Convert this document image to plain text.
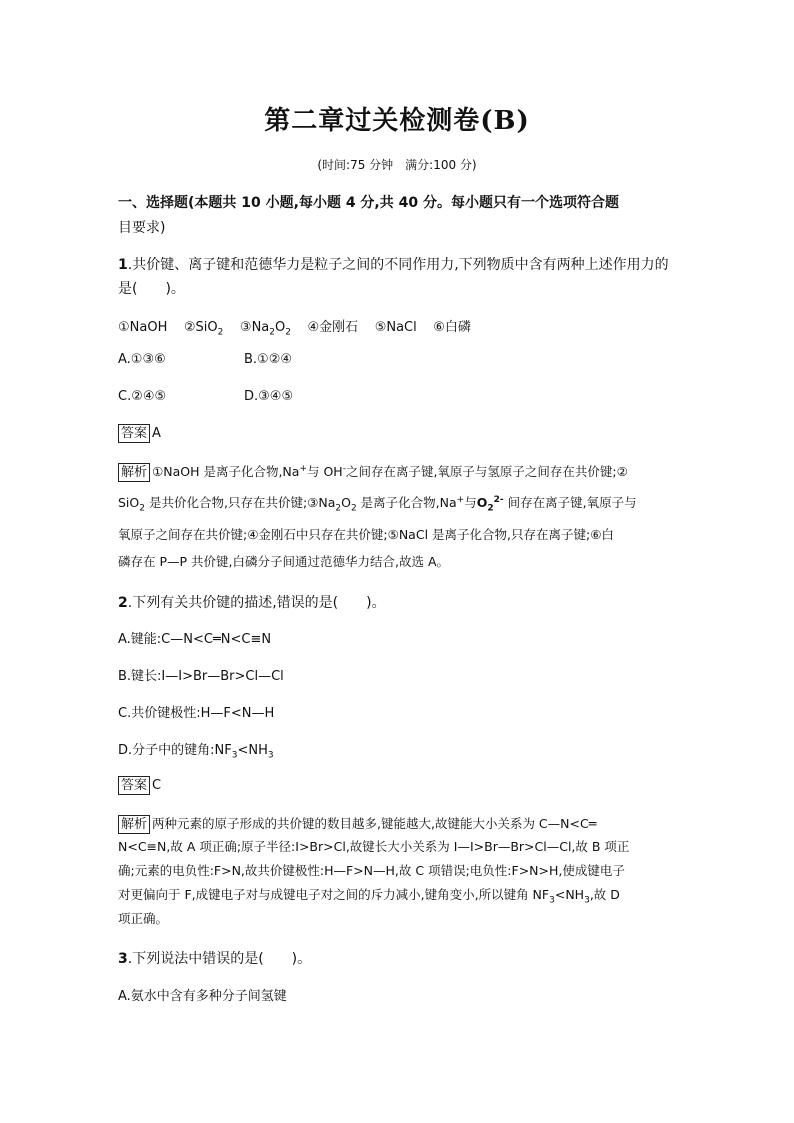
第二章过关检测卷(B)
(时间:75 分钟　满分:100 分)
一、选择题(本题共 10 小题,每小题 4 分,共 40 分。每小题只有一个选项符合题
目要求)
1.共价键、离子键和范德华力是粒子之间的不同作用力,下列物质中含有两种上述作用力的
是(　　)。
①NaOH ②SiO$_2$ $③Na_2O_2$ ④金刚石 ⑤NaCl ⑥白磷
A.①③⑥	B.①②④
C.②④⑤	D.③④⑤
答案 A
解析 ①NaOH 是离子化合物,Na+与 OH-之间存在离子键,氧原子与氢原子之间存在共价键;②
SiO$_2$ 是共价化合物,只存在共价键$;③Na_2O_2$ 是离子化合物,Na+与$O_2^{2-}$ 间存在离子键,氧原子与
氧原子之间存在共价键;④金刚石中只存在共价键;⑤NaCl 是离子化合物,只存在离子键;⑥白
磷存在 P—P 共价键,白磷分子间通过范德华力结合,故选 A。
2.下列有关共价键的描述,错误的是(　　)。
A.键能:C—N<C═N<C≡N
B.键长:I—I>Br—Br>Cl—Cl
C.共价键极性:H—F<N—H
D.分子中的键角$:NF_3<NH_3$
答案 C
解析 两种元素的原子形成的共价键的数目越多,键能越大,故键能大小关系为 C—N<C═
N<C≡N,故 A 项正确;原子半径:I>Br>Cl,故键长大小关系为 I—I>Br—Br>Cl—Cl,故 B 项正
确;元素的电负性:F>N,故共价键极性:H—F>N—H,故 C 项错误;电负性:F>N>H,使成键电子
对更偏向于 F,成键电子对与成键电子对之间的斥力减小,键角变小,所以键角 $NF_3<NH_3$,故 D
项正确。
3.下列说法中错误的是(　　)。
A.氨水中含有多种分子间氢键
